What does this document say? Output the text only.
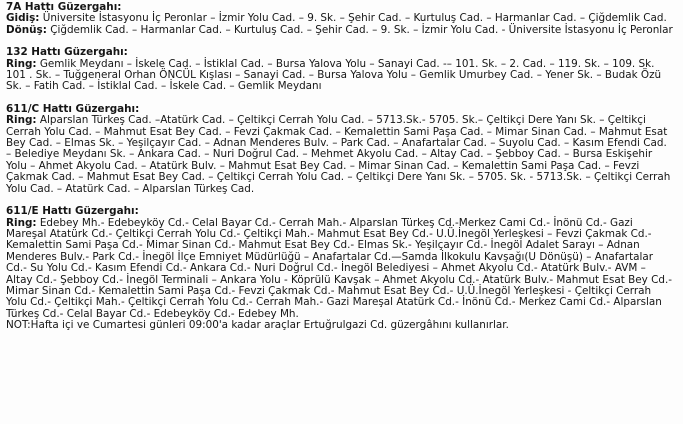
7A Hattı Güzergahı:
Gidiş: Üniversite İstasyonu İç Peronlar – İzmir Yolu Cad. – 9. Sk. – Şehir Cad. – Kurtuluş Cad. – Harmanlar Cad. – Çiğdemlik Cad.
Dönüş: Çiğdemlik Cad. – Harmanlar Cad. – Kurtuluş Cad. – Şehir Cad. – 9. Sk. – İzmir Yolu Cad. - Üniversite İstasyonu İç Peronlar
132 Hattı Güzergahı:
Ring: Gemlik Meydanı – İskele Cad. – İstiklal Cad. – Bursa Yalova Yolu – Sanayi Cad. -– 101. Sk. – 2. Cad. – 119. Sk. – 109. Sk. 101 . Sk. – Tuğgeneral Orhan ÖNCÜL Kışlası – Sanayi Cad. – Bursa Yalova Yolu – Gemlik Umurbey Cad. – Yener Sk. – Budak Özü Sk. – Fatih Cad. – İstiklal Cad. – İskele Cad. – Gemlik Meydanı
611/C Hattı Güzergahı:
Ring: Alparslan Türkeş Cad. –Atatürk Cad. – Çeltikçi Cerrah Yolu Cad. – 5713.Sk.- 5705. Sk.– Çeltikçi Dere Yanı Sk. – Çeltikçi Cerrah Yolu Cad. – Mahmut Esat Bey Cad. – Fevzi Çakmak Cad. – Kemalettin Sami Paşa Cad. – Mimar Sinan Cad. – Mahmut Esat Bey Cad. – Elmas Sk. – Yeşilçayır Cad. – Adnan Menderes Bulv. – Park Cad. – Anafartalar Cad. – Suyolu Cad. – Kasım Efendi Cad. – Belediye Meydanı Sk. – Ankara Cad. – Nuri Doğrul Cad. – Mehmet Akyolu Cad. – Altay Cad. – Şebboy Cad. – Bursa Eskişehir Yolu – Ahmet Akyolu Cad. – Atatürk Bulv. – Mahmut Esat Bey Cad. – Mimar Sinan Cad. – Kemalettin Sami Paşa Cad. – Fevzi Çakmak Cad. – Mahmut Esat Bey Cad. – Çeltikçi Cerrah Yolu Cad. – Çeltikçi Dere Yanı Sk. – 5705. Sk. - 5713.Sk. – Çeltikçi Cerrah Yolu Cad. – Atatürk Cad. – Alparslan Türkeş Cad.
611/E Hattı Güzergahı:
Ring: Edebey Mh.- Edebeyköy Cd.- Celal Bayar Cd.- Cerrah Mah.- Alparslan Türkeş Cd.-Merkez Cami Cd.- İnönü Cd.- Gazi Mareşal Atatürk Cd.- Çeltikçi Cerrah Yolu Cd.- Çeltikçi Mah.- Mahmut Esat Bey Cd.- U.Ü.İnegöl Yerleşkesi – Fevzi Çakmak Cd.- Kemalettin Sami Paşa Cd.- Mimar Sinan Cd.- Mahmut Esat Bey Cd.- Elmas Sk.- Yeşilçayır Cd.- İnegöl Adalet Sarayı – Adnan Menderes Bulv.- Park Cd.- İnegöl İlçe Emniyet Müdürlüğü – Anafartalar Cd.—Samda İlkokulu Kavşağı(U Dönüşü) – Anafartalar Cd.- Su Yolu Cd.- Kasım Efendi Cd.- Ankara Cd.- Nuri Doğrul Cd.- İnegöl Belediyesi – Ahmet Akyolu Cd.- Atatürk Bulv.- AVM – Altay Cd.- Şebboy Cd.- İnegöl Terminali – Ankara Yolu - Köprülü Kavşak – Ahmet Akyolu Cd.- Atatürk Bulv.- Mahmut Esat Bey Cd.- Mimar Sinan Cd.- Kemalettin Sami Paşa Cd.- Fevzi Çakmak Cd.- Mahmut Esat Bey Cd.- U.Ü.İnegöl Yerleşkesi - Çeltikçi Cerrah Yolu Cd.- Çeltikçi Mah.- Çeltikçi Cerrah Yolu Cd.- Cerrah Mah.- Gazi Mareşal Atatürk Cd.- İnönü Cd.- Merkez Cami Cd.- Alparslan Türkeş Cd.- Celal Bayar Cd.- Edebeyköy Cd.- Edebey Mh.
NOT:Hafta içi ve Cumartesi günleri 09:00'a kadar araçlar Ertuğrulgazi Cd. güzergâhını kullanırlar.
